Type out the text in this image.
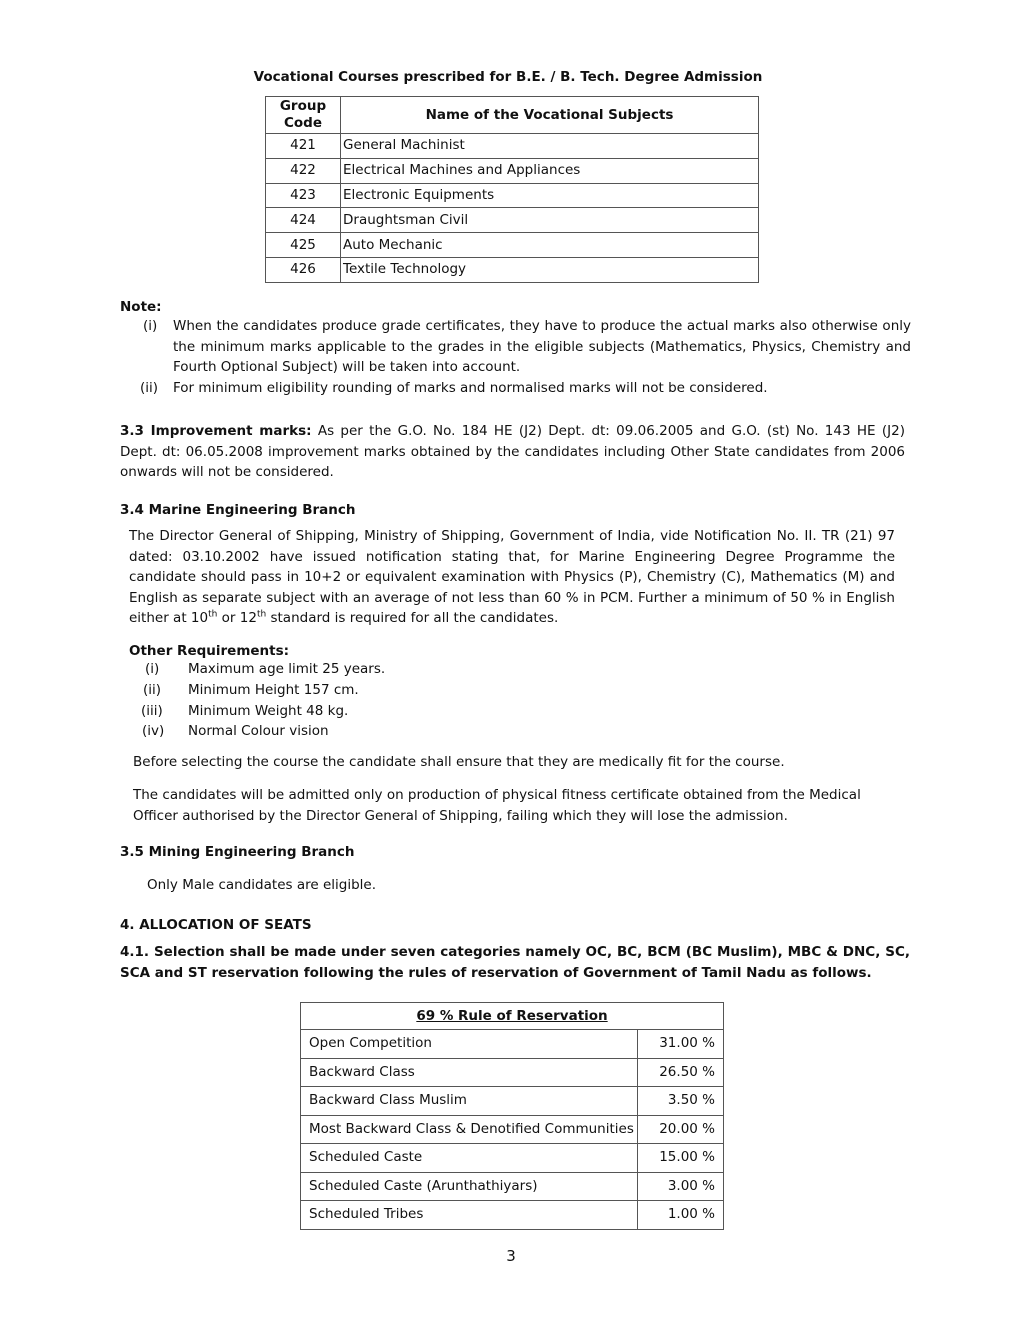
Vocational Courses prescribed for B.E. / B. Tech. Degree Admission
Group
Code	Name of the Vocational Subjects
421	General Machinist
422	Electrical Machines and Appliances
423	Electronic Equipments
424	Draughtsman Civil
425	Auto Mechanic
426	Textile Technology
Note:
(i) When the candidates produce grade certificates, they have to produce the actual marks also otherwise only the minimum marks applicable to the grades in the eligible subjects (Mathematics, Physics, Chemistry and Fourth Optional Subject) will be taken into account.
(ii) For minimum eligibility rounding of marks and normalised marks will not be considered.
3.3 Improvement marks: As per the G.O. No. 184 HE (J2) Dept. dt: 09.06.2005 and G.O. (st) No. 143 HE (J2) Dept. dt: 06.05.2008 improvement marks obtained by the candidates including Other State candidates from 2006 onwards will not be considered.
3.4 Marine Engineering Branch
The Director General of Shipping, Ministry of Shipping, Government of India, vide Notification No. II. TR (21) 97 dated: 03.10.2002 have issued notification stating that, for Marine Engineering Degree Programme the candidate should pass in 10+2 or equivalent examination with Physics (P), Chemistry (C), Mathematics (M) and English as separate subject with an average of not less than 60 % in PCM. Further a minimum of 50 % in English either at 10th or 12th standard is required for all the candidates.
Other Requirements:
(i) Maximum age limit 25 years.
(ii) Minimum Height 157 cm.
(iii) Minimum Weight 48 kg.
(iv) Normal Colour vision
Before selecting the course the candidate shall ensure that they are medically fit for the course.
The candidates will be admitted only on production of physical fitness certificate obtained from the Medical Officer authorised by the Director General of Shipping, failing which they will lose the admission.
3.5 Mining Engineering Branch
Only Male candidates are eligible.
4. ALLOCATION OF SEATS
4.1. Selection shall be made under seven categories namely OC, BC, BCM (BC Muslim), MBC & DNC, SC, SCA and ST reservation following the rules of reservation of Government of Tamil Nadu as follows.
69 % Rule of Reservation	
Open Competition	31.00 %
Backward Class	26.50 %
Backward Class Muslim	3.50 %
Most Backward Class & Denotified Communities	20.00 %
Scheduled Caste	15.00 %
Scheduled Caste (Arunthathiyars)	3.00 %
Scheduled Tribes	1.00 %
3
